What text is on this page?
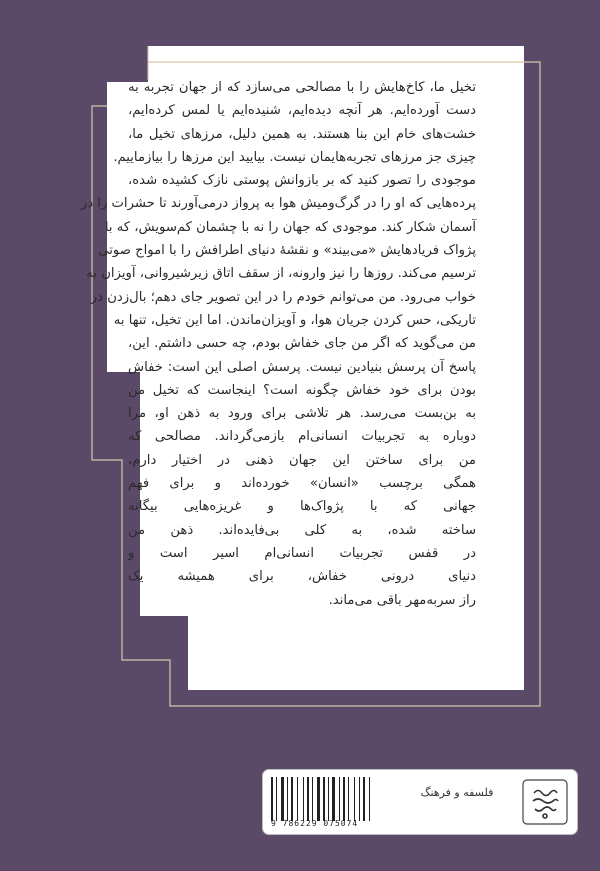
تخیل ما، کاخ‌هایش را با مصالحی می‌سازد که از جهان تجربه به
دست آورده‌ایم. هر آنچه دیده‌ایم، شنیده‌ایم یا لمس کرده‌ایم،
خشت‌های خام این بنا هستند. به همین دلیل، مرزهای تخیل ما،
چیزی جز مرزهای تجربه‌هایمان نیست. بیایید این مرزها را بیازماییم.
موجودی را تصور کنید که بر بازوانش پوستی نازک کشیده شده،
پرده‌هایی که او را در گرگ‌ومیش هوا به پرواز درمی‌آورند تا حشرات را در
آسمان شکار کند. موجودی که جهان را نه با چشمان کم‌سویش، که با
پژواک فریادهایش «می‌بیند» و نقشهٔ دنیای اطرافش را با امواج صوتی
ترسیم می‌کند. روزها را نیز وارونه، از سقف اتاق زیرشیروانی، آویزان به
خواب می‌رود. من می‌توانم خودم را در این تصویر جای دهم؛ بال‌زدن در
تاریکی، حس کردن جریان هوا، و آویزان‌ماندن. اما این تخیل، تنها به
من می‌گوید که اگر من جای خفاش بودم، چه حسی داشتم. این،
پاسخ آن پرسش بنیادین نیست. پرسش اصلی این است: خفاش
بودن برای خود خفاش چگونه است؟ اینجاست که تخیل من
به بن‌بست می‌رسد. هر تلاشی برای ورود به ذهن او، مرا
دوباره به تجربیات انسانی‌ام بازمی‌گرداند. مصالحی که
من برای ساختن این جهان ذهنی در اختیار دارم،
همگی برچسب «انسان» خورده‌اند و برای فهم
جهانی که با پژواک‌ها و غریزه‌هایی بیگانه
ساخته شده، به کلی بی‌فایده‌اند. ذهن من
در قفس تجربیات انسانی‌ام اسیر است و
دنیای درونی خفاش، برای همیشه یک
راز سربه‌مهر باقی می‌ماند.
9 786229 075074
فلسفه و فرهنگ
